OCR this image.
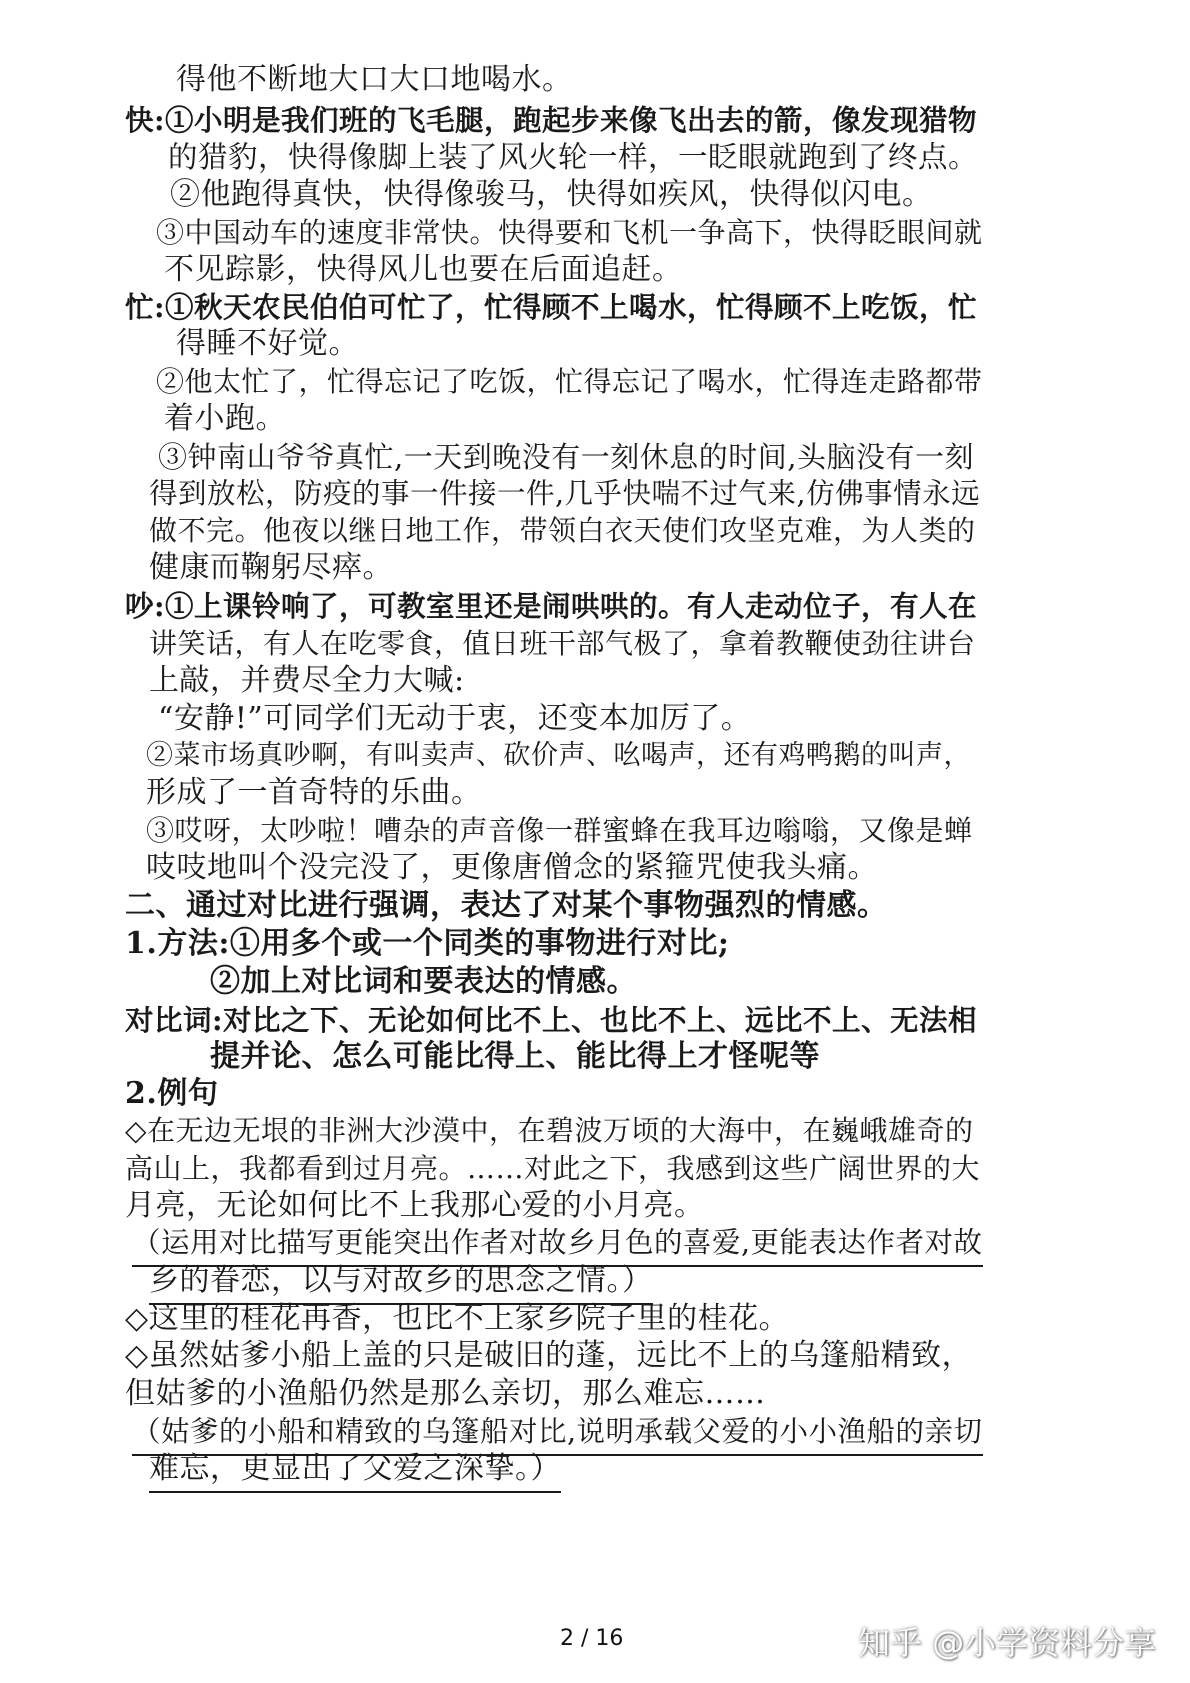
得他不断地大口大口地喝水。
快:①小明是我们班的飞毛腿，跑起步来像飞出去的箭，像发现猎物
的猎豹，快得像脚上装了风火轮一样，一眨眼就跑到了终点。
②他跑得真快，快得像骏马，快得如疾风，快得似闪电。
③中国动车的速度非常快。快得要和飞机一争高下，快得眨眼间就
不见踪影，快得风儿也要在后面追赶。
忙:①秋天农民伯伯可忙了，忙得顾不上喝水，忙得顾不上吃饭，忙
得睡不好觉。
②他太忙了，忙得忘记了吃饭，忙得忘记了喝水，忙得连走路都带
着小跑。
③钟南山爷爷真忙,一天到晚没有一刻休息的时间,头脑没有一刻
得到放松，防疫的事一件接一件,几乎快喘不过气来,仿佛事情永远
做不完。他夜以继日地工作，带领白衣天使们攻坚克难，为人类的
健康而鞠躬尽瘁。
吵:①上课铃响了，可教室里还是闹哄哄的。有人走动位子，有人在
讲笑话，有人在吃零食，值日班干部气极了，拿着教鞭使劲往讲台
上敲，并费尽全力大喊:
“安静!”可同学们无动于衷，还变本加厉了。
②菜市场真吵啊，有叫卖声、砍价声、吆喝声，还有鸡鸭鹅的叫声，
形成了一首奇特的乐曲。
③哎呀，太吵啦！嘈杂的声音像一群蜜蜂在我耳边嗡嗡，又像是蝉
吱吱地叫个没完没了，更像唐僧念的紧箍咒使我头痛。
二、通过对比进行强调，表达了对某个事物强烈的情感。
1.方法:①用多个或一个同类的事物进行对比;
②加上对比词和要表达的情感。
对比词:对比之下、无论如何比不上、也比不上、远比不上、无法相
提并论、怎么可能比得上、能比得上才怪呢等
2.例句
◇在无边无垠的非洲大沙漠中，在碧波万顷的大海中，在巍峨雄奇的
高山上，我都看到过月亮。……对此之下，我感到这些广阔世界的大
月亮，无论如何比不上我那心爱的小月亮。
（运用对比描写更能突出作者对故乡月色的喜爱,更能表达作者对故
乡的眷恋，以与对故乡的思念之情。）
◇这里的桂花再香，也比不上家乡院子里的桂花。
◇虽然姑爹小船上盖的只是破旧的蓬，远比不上的乌篷船精致，
但姑爹的小渔船仍然是那么亲切，那么难忘……
（姑爹的小船和精致的乌篷船对比,说明承载父爱的小小渔船的亲切
难忘，更显出了父爱之深挚。）
2 / 16	知乎 @小学资料分享
